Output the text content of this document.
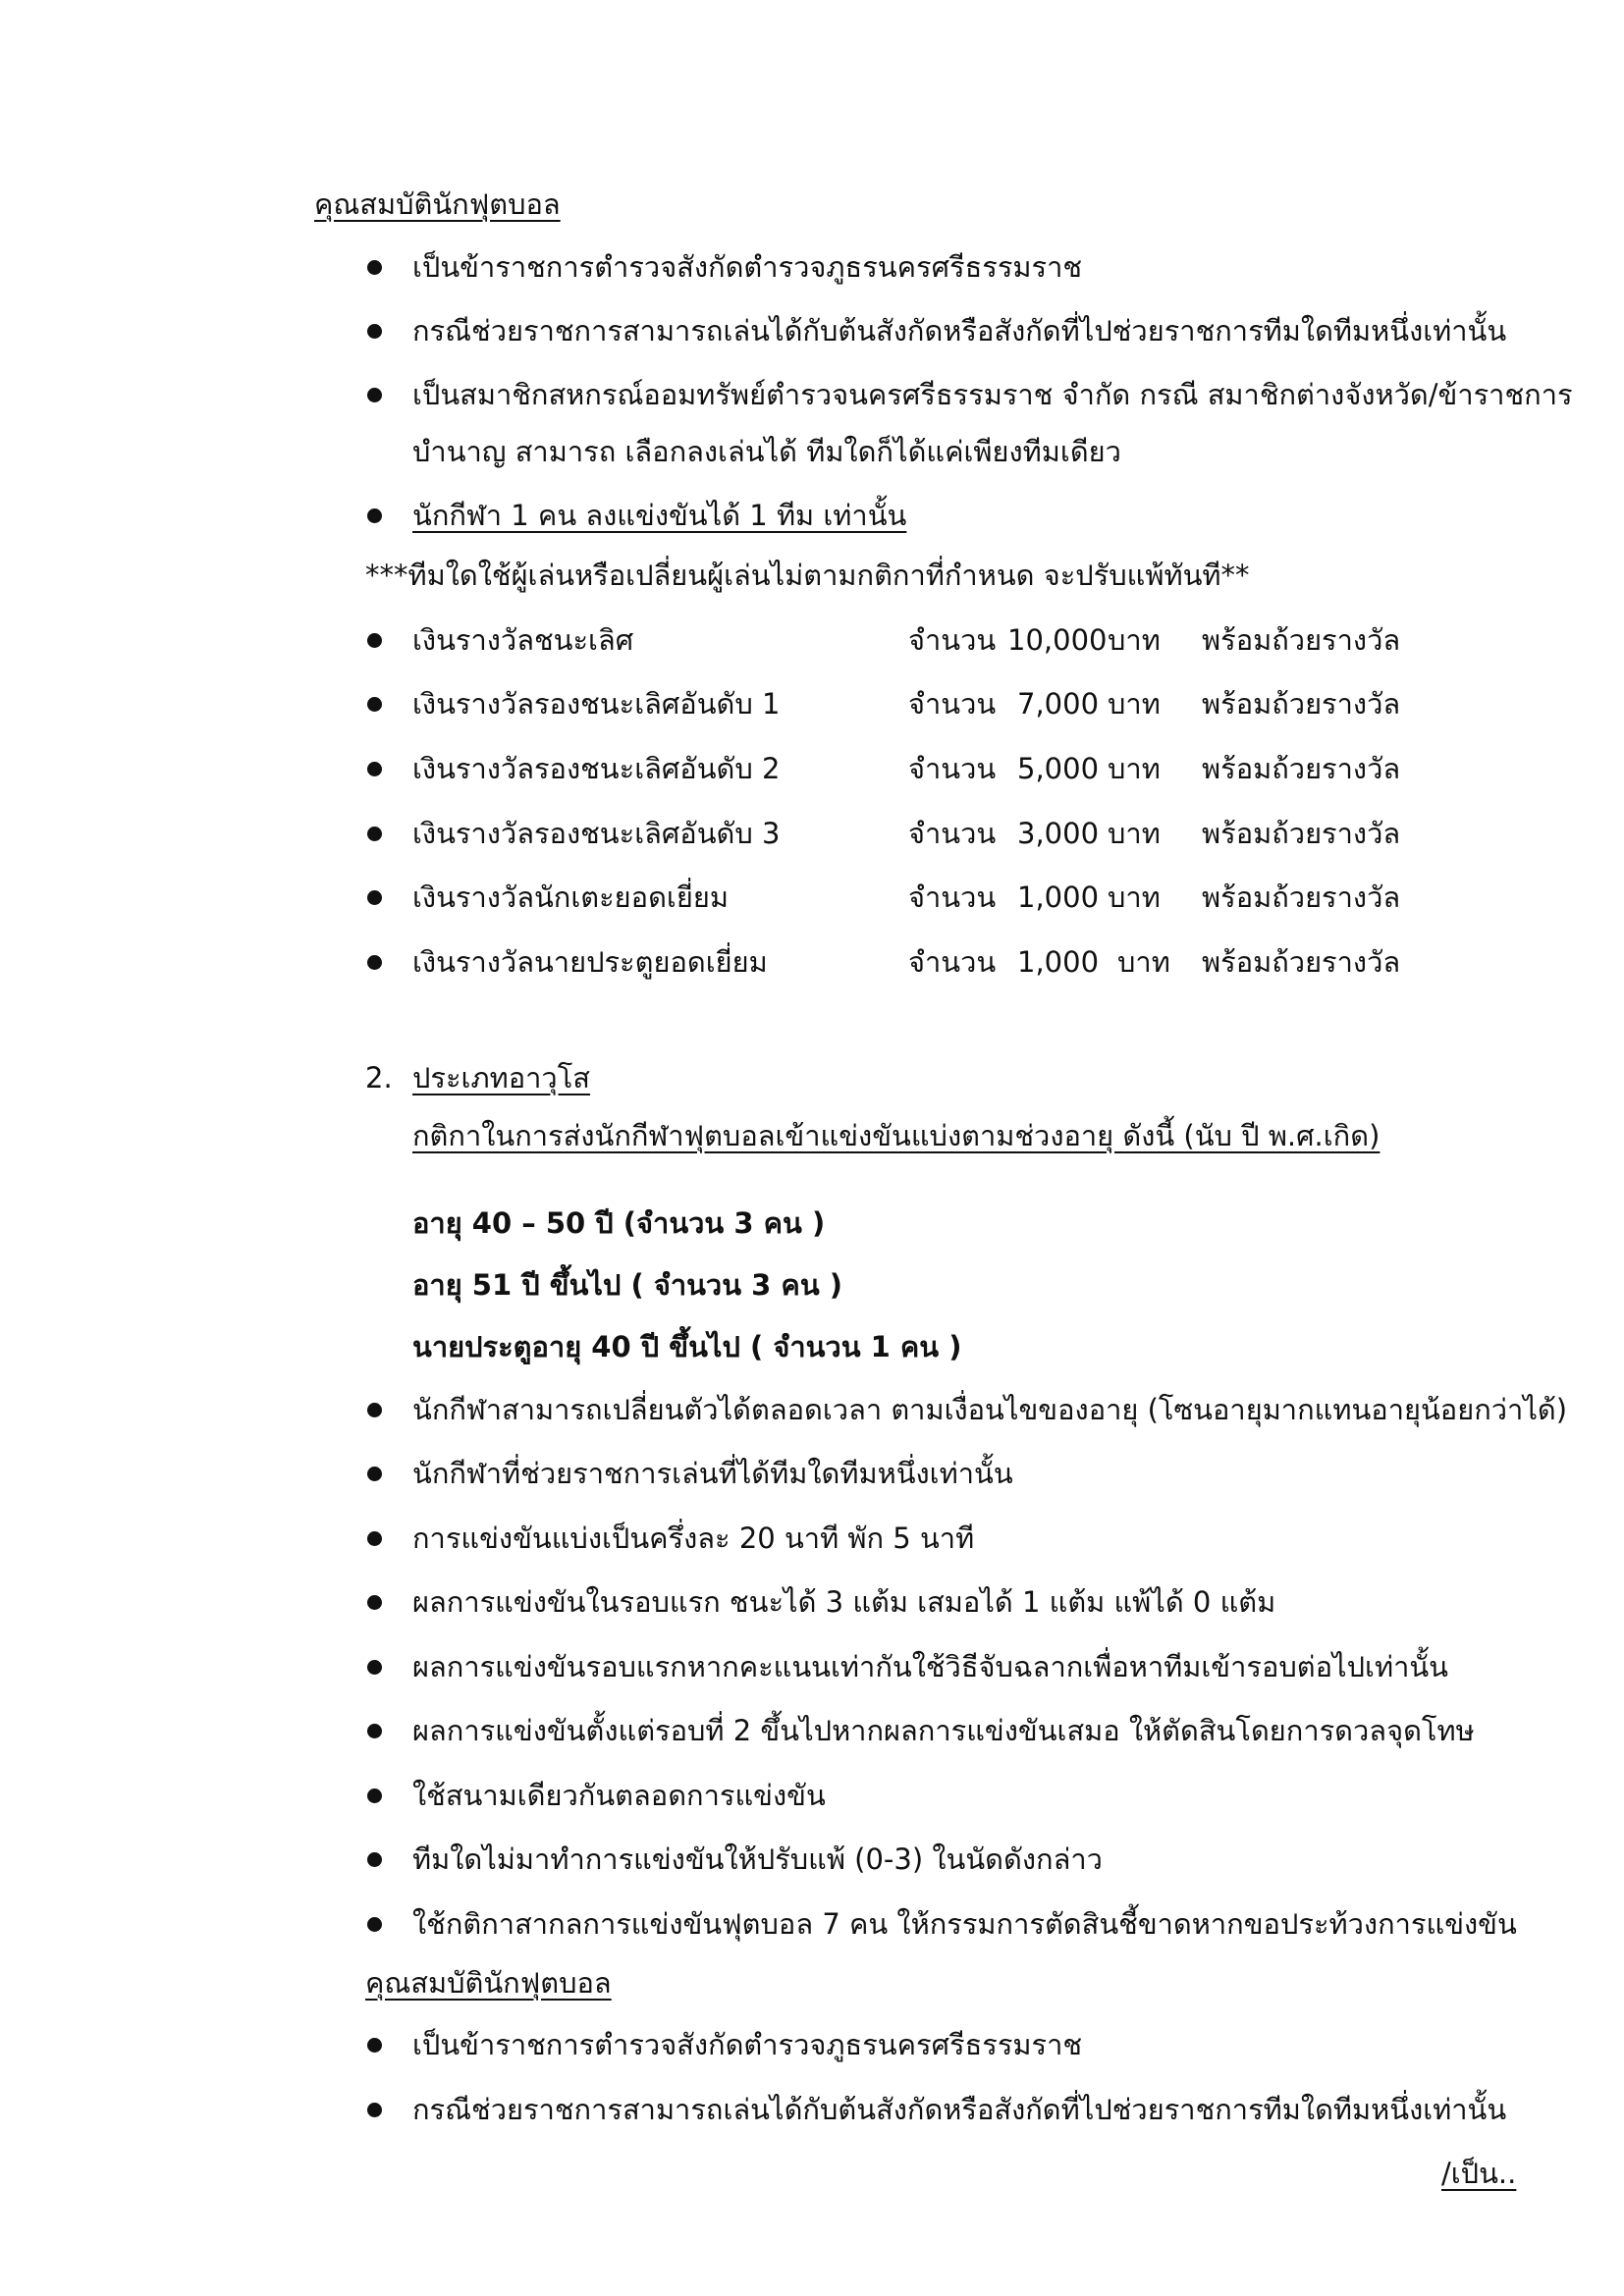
คุณสมบัตินักฟุตบอล
เป็นข้าราชการตำรวจสังกัดตำรวจภูธรนครศรีธรรมราช
กรณีช่วยราชการสามารถเล่นได้กับต้นสังกัดหรือสังกัดที่ไปช่วยราชการทีมใดทีมหนึ่งเท่านั้น
เป็นสมาชิกสหกรณ์ออมทรัพย์ตำรวจนครศรีธรรมราช จำกัด กรณี สมาชิกต่างจังหวัด/ข้าราชการ
บำนาญ สามารถ เลือกลงเล่นได้ ทีมใดก็ได้แค่เพียงทีมเดียว
นักกีฬา 1 คน ลงแข่งขันได้ 1 ทีม เท่านั้น
***ทีมใดใช้ผู้เล่นหรือเปลี่ยนผู้เล่นไม่ตามกติกาที่กำหนด จะปรับแพ้ทันที**
เงินรางวัลชนะเลิศ	จำนวน 10,000 บาท พร้อมถ้วยรางวัล
เงินรางวัลรองชนะเลิศอันดับ 1	จำนวน 7,000 บาท พร้อมถ้วยรางวัล
เงินรางวัลรองชนะเลิศอันดับ 2	จำนวน 5,000 บาท พร้อมถ้วยรางวัล
เงินรางวัลรองชนะเลิศอันดับ 3	จำนวน 3,000 บาท พร้อมถ้วยรางวัล
เงินรางวัลนักเตะยอดเยี่ยม	จำนวน 1,000 บาท พร้อมถ้วยรางวัล
เงินรางวัลนายประตูยอดเยี่ยม	จำนวน 1,000 บาท พร้อมถ้วยรางวัล
2. ประเภทอาวุโส
กติกาในการส่งนักกีฬาฟุตบอลเข้าแข่งขันแบ่งตามช่วงอายุ ดังนี้ (นับ ปี พ.ศ.เกิด)
อายุ 40 – 50 ปี (จำนวน 3 คน )
อายุ 51 ปี ขึ้นไป ( จำนวน 3 คน )
นายประตูอายุ 40 ปี ขึ้นไป ( จำนวน 1 คน )
นักกีฬาสามารถเปลี่ยนตัวได้ตลอดเวลา ตามเงื่อนไขของอายุ (โซนอายุมากแทนอายุน้อยกว่าได้)
นักกีฬาที่ช่วยราชการเล่นที่ได้ทีมใดทีมหนึ่งเท่านั้น
การแข่งขันแบ่งเป็นครึ่งละ 20 นาที พัก 5 นาที
ผลการแข่งขันในรอบแรก ชนะได้ 3 แต้ม เสมอได้ 1 แต้ม แพ้ได้ 0 แต้ม
ผลการแข่งขันรอบแรกหากคะแนนเท่ากันใช้วิธีจับฉลากเพื่อหาทีมเข้ารอบต่อไปเท่านั้น
ผลการแข่งขันตั้งแต่รอบที่ 2 ขึ้นไปหากผลการแข่งขันเสมอ ให้ตัดสินโดยการดวลจุดโทษ
ใช้สนามเดียวกันตลอดการแข่งขัน
ทีมใดไม่มาทำการแข่งขันให้ปรับแพ้ (0-3) ในนัดดังกล่าว
ใช้กติกาสากลการแข่งขันฟุตบอล 7 คน ให้กรรมการตัดสินชี้ขาดหากขอประท้วงการแข่งขัน
คุณสมบัตินักฟุตบอล
เป็นข้าราชการตำรวจสังกัดตำรวจภูธรนครศรีธรรมราช
กรณีช่วยราชการสามารถเล่นได้กับต้นสังกัดหรือสังกัดที่ไปช่วยราชการทีมใดทีมหนึ่งเท่านั้น
/เป็น..
